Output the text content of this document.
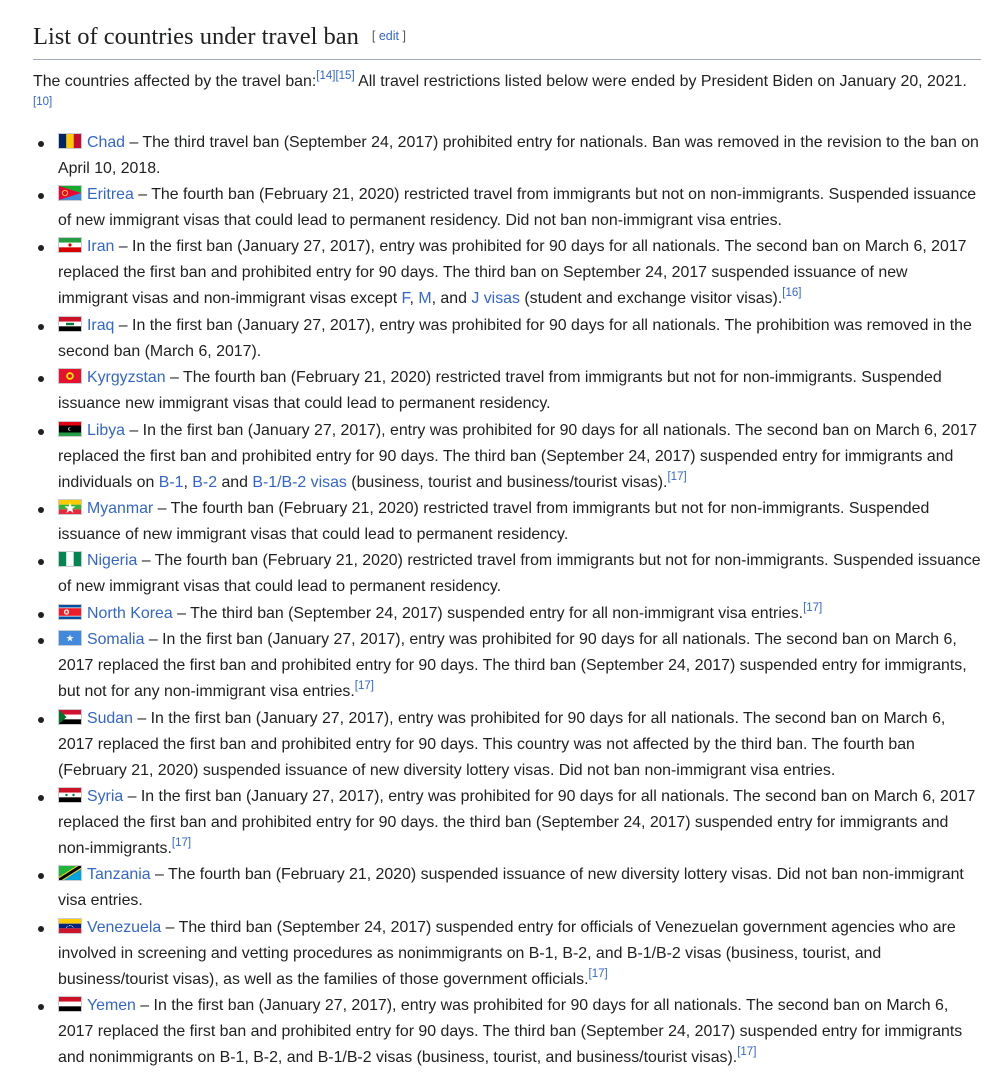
List of countries under travel ban [ edit ]

The countries affected by the travel ban:[14][15] All travel restrictions listed below were ended by President Biden on January 20, 2021.[10]

Chad – The third travel ban (September 24, 2017) prohibited entry for nationals. Ban was removed in the revision to the ban on April 10, 2018.
Eritrea – The fourth ban (February 21, 2020) restricted travel from immigrants but not on non-immigrants. Suspended issuance of new immigrant visas that could lead to permanent residency. Did not ban non-immigrant visa entries.
Iran – In the first ban (January 27, 2017), entry was prohibited for 90 days for all nationals. The second ban on March 6, 2017 replaced the first ban and prohibited entry for 90 days. The third ban on September 24, 2017 suspended issuance of new immigrant visas and non-immigrant visas except F, M, and J visas (student and exchange visitor visas).[16]
Iraq – In the first ban (January 27, 2017), entry was prohibited for 90 days for all nationals. The prohibition was removed in the second ban (March 6, 2017).
Kyrgyzstan – The fourth ban (February 21, 2020) restricted travel from immigrants but not for non-immigrants. Suspended issuance new immigrant visas that could lead to permanent residency.
Libya – In the first ban (January 27, 2017), entry was prohibited for 90 days for all nationals. The second ban on March 6, 2017 replaced the first ban and prohibited entry for 90 days. The third ban (September 24, 2017) suspended entry for immigrants and individuals on B-1, B-2 and B-1/B-2 visas (business, tourist and business/tourist visas).[17]
Myanmar – The fourth ban (February 21, 2020) restricted travel from immigrants but not for non-immigrants. Suspended issuance of new immigrant visas that could lead to permanent residency.
Nigeria – The fourth ban (February 21, 2020) restricted travel from immigrants but not for non-immigrants. Suspended issuance of new immigrant visas that could lead to permanent residency.
North Korea – The third ban (September 24, 2017) suspended entry for all non-immigrant visa entries.[17]
Somalia – In the first ban (January 27, 2017), entry was prohibited for 90 days for all nationals. The second ban on March 6, 2017 replaced the first ban and prohibited entry for 90 days. The third ban (September 24, 2017) suspended entry for immigrants, but not for any non-immigrant visa entries.[17]
Sudan – In the first ban (January 27, 2017), entry was prohibited for 90 days for all nationals. The second ban on March 6, 2017 replaced the first ban and prohibited entry for 90 days. This country was not affected by the third ban. The fourth ban (February 21, 2020) suspended issuance of new diversity lottery visas. Did not ban non-immigrant visa entries.
Syria – In the first ban (January 27, 2017), entry was prohibited for 90 days for all nationals. The second ban on March 6, 2017 replaced the first ban and prohibited entry for 90 days. the third ban (September 24, 2017) suspended entry for immigrants and non-immigrants.[17]
Tanzania – The fourth ban (February 21, 2020) suspended issuance of new diversity lottery visas. Did not ban non-immigrant visa entries.
Venezuela – The third ban (September 24, 2017) suspended entry for officials of Venezuelan government agencies who are involved in screening and vetting procedures as nonimmigrants on B-1, B-2, and B-1/B-2 visas (business, tourist, and business/tourist visas), as well as the families of those government officials.[17]
Yemen – In the first ban (January 27, 2017), entry was prohibited for 90 days for all nationals. The second ban on March 6, 2017 replaced the first ban and prohibited entry for 90 days. The third ban (September 24, 2017) suspended entry for immigrants and nonimmigrants on B-1, B-2, and B-1/B-2 visas (business, tourist, and business/tourist visas).[17]
